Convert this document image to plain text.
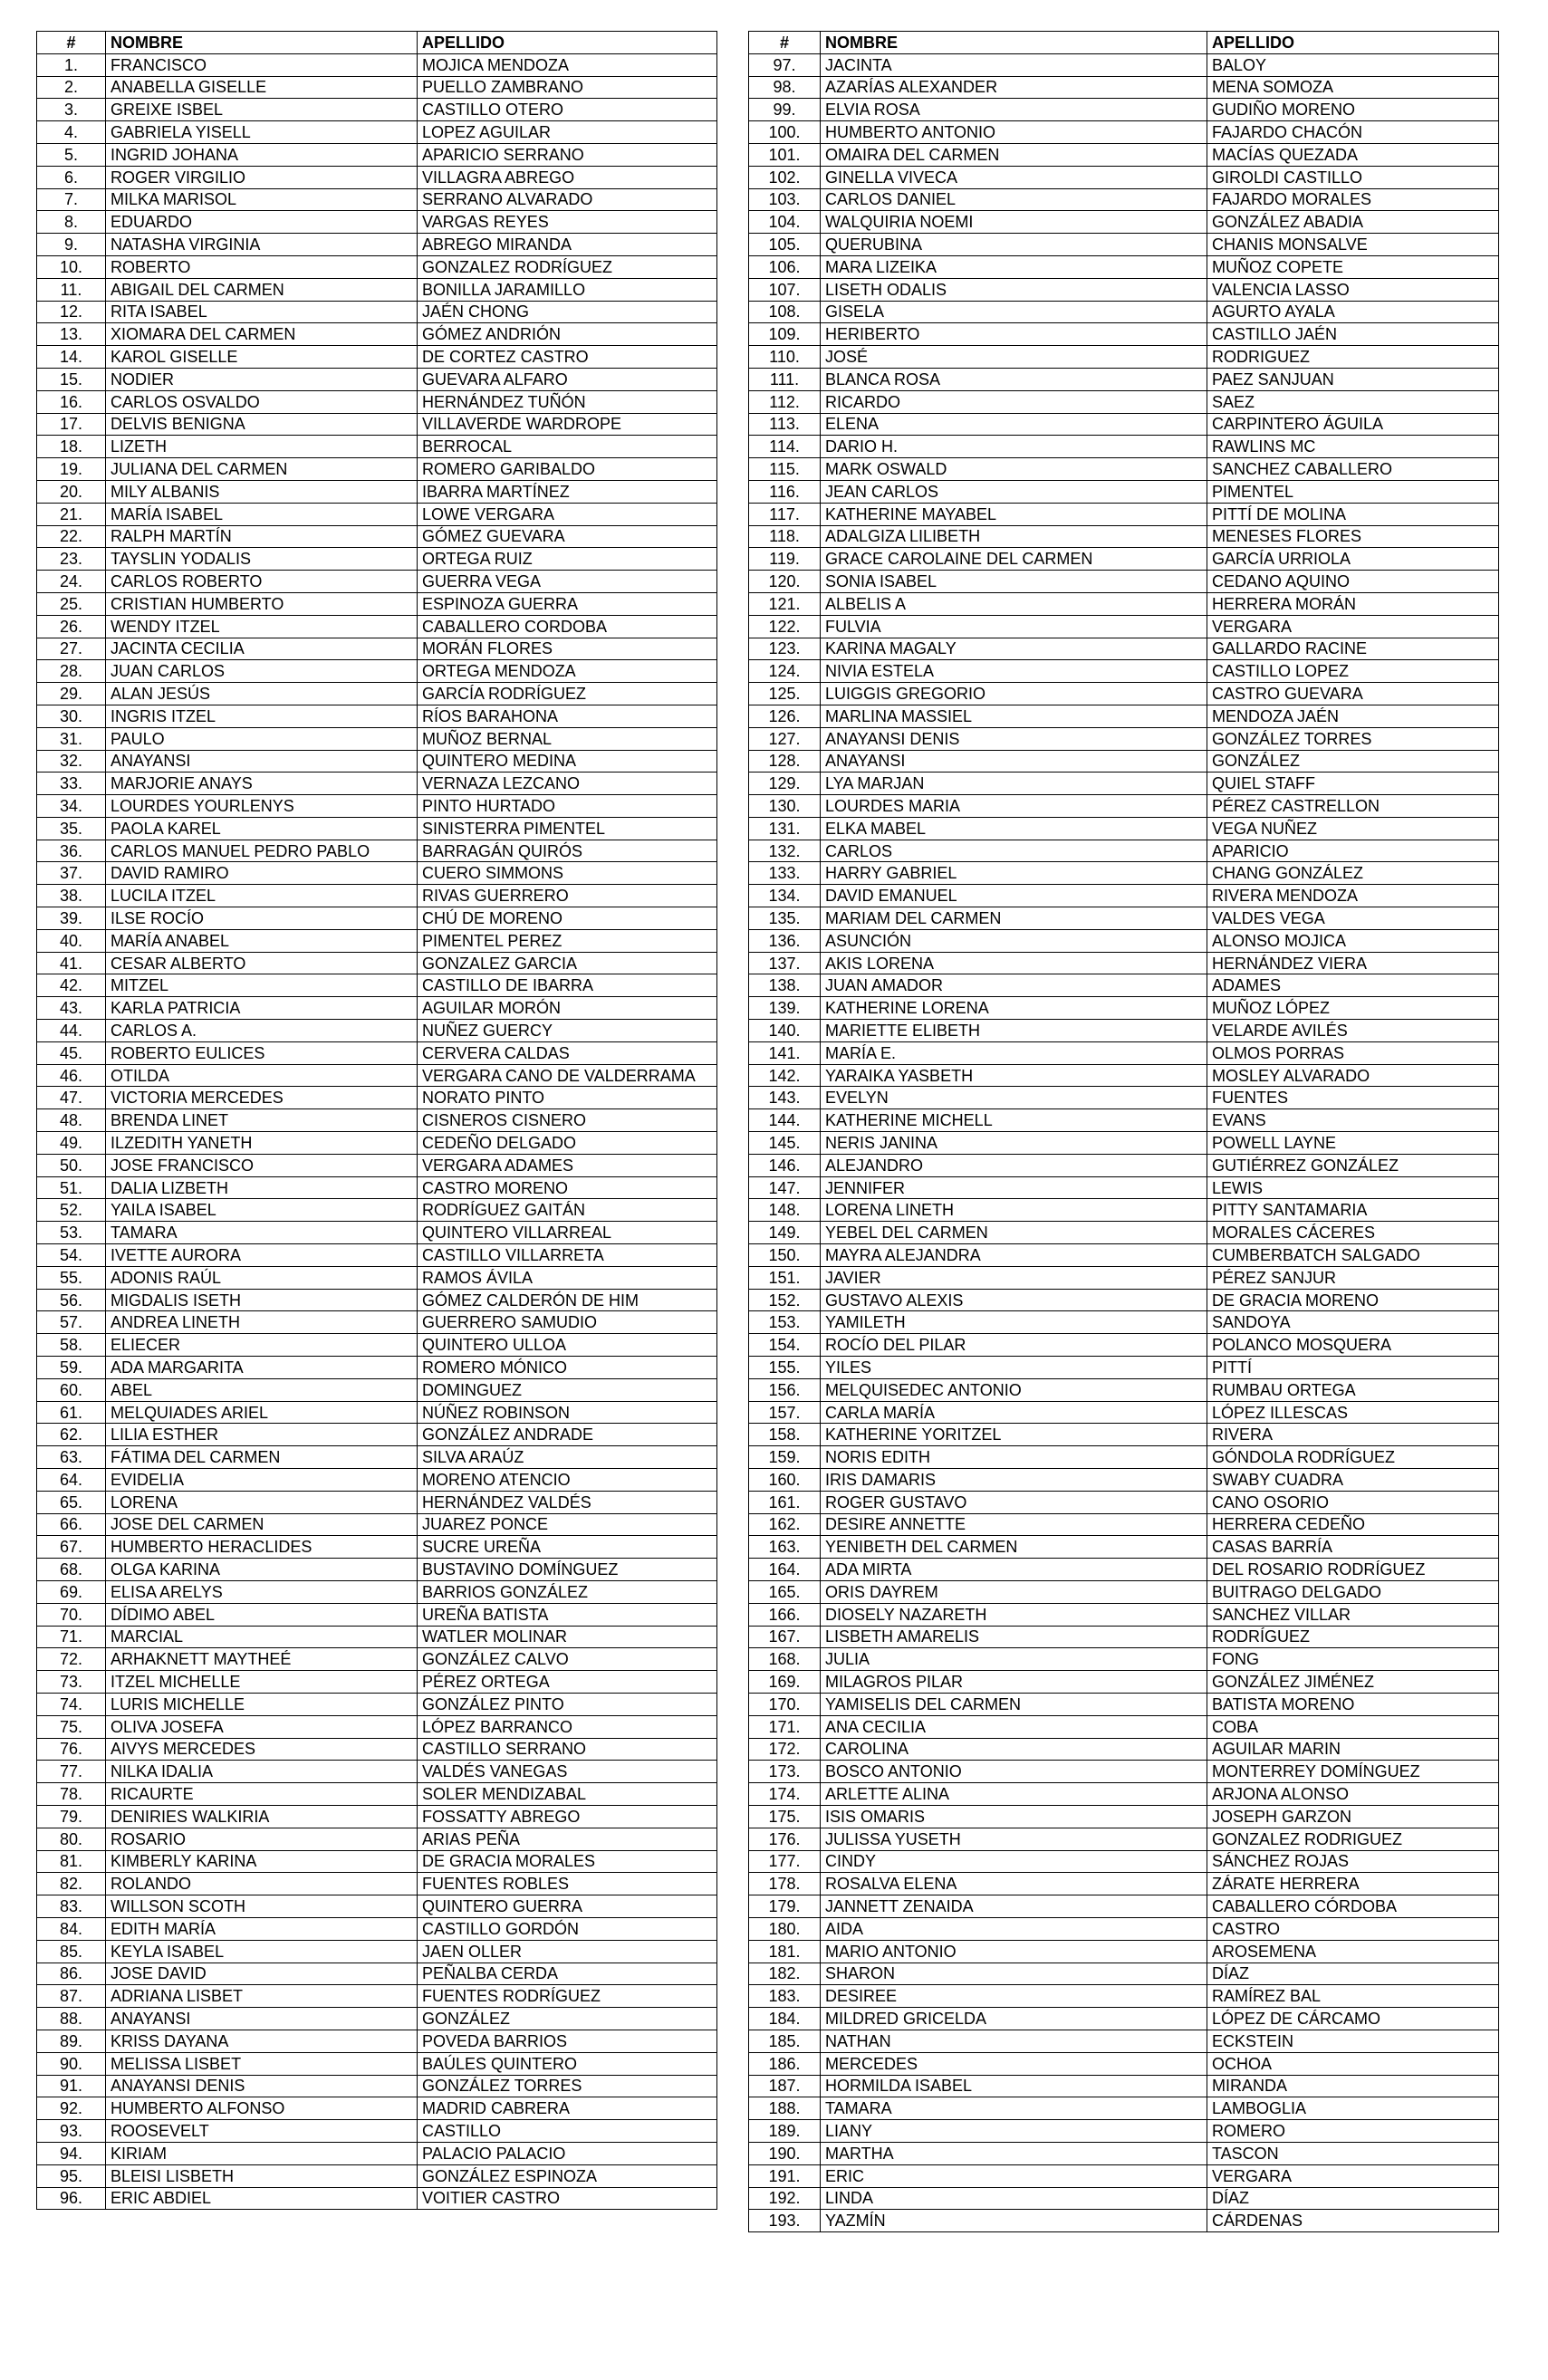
#	NOMBRE	APELLIDO
1.	FRANCISCO	MOJICA MENDOZA
2.	ANABELLA GISELLE	PUELLO ZAMBRANO
3.	GREIXE ISBEL	CASTILLO OTERO
4.	GABRIELA YISELL	LOPEZ AGUILAR
5.	INGRID JOHANA	APARICIO SERRANO
6.	ROGER VIRGILIO	VILLAGRA ABREGO
7.	MILKA MARISOL	SERRANO ALVARADO
8.	EDUARDO	VARGAS REYES
9.	NATASHA VIRGINIA	ABREGO MIRANDA
10.	ROBERTO	GONZALEZ RODRÍGUEZ
11.	ABIGAIL DEL CARMEN	BONILLA JARAMILLO
12.	RITA ISABEL	JAÉN CHONG
13.	XIOMARA DEL CARMEN	GÓMEZ ANDRIÓN
14.	KAROL GISELLE	DE CORTEZ CASTRO
15.	NODIER	GUEVARA ALFARO
16.	CARLOS OSVALDO	HERNÁNDEZ TUÑÓN
17.	DELVIS BENIGNA	VILLAVERDE WARDROPE
18.	LIZETH	BERROCAL
19.	JULIANA DEL CARMEN	ROMERO GARIBALDO
20.	MILY ALBANIS	IBARRA MARTÍNEZ
21.	MARÍA ISABEL	LOWE VERGARA
22.	RALPH MARTÍN	GÓMEZ GUEVARA
23.	TAYSLIN YODALIS	ORTEGA RUIZ
24.	CARLOS ROBERTO	GUERRA VEGA
25.	CRISTIAN HUMBERTO	ESPINOZA GUERRA
26.	WENDY ITZEL	CABALLERO CORDOBA
27.	JACINTA CECILIA	MORÁN FLORES
28.	JUAN CARLOS	ORTEGA MENDOZA
29.	ALAN JESÚS	GARCÍA RODRÍGUEZ
30.	INGRIS ITZEL	RÍOS BARAHONA
31.	PAULO	MUÑOZ BERNAL
32.	ANAYANSI	QUINTERO MEDINA
33.	MARJORIE ANAYS	VERNAZA LEZCANO
34.	LOURDES YOURLENYS	PINTO HURTADO
35.	PAOLA KAREL	SINISTERRA PIMENTEL
36.	CARLOS MANUEL PEDRO PABLO	BARRAGÁN QUIRÓS
37.	DAVID RAMIRO	CUERO SIMMONS
38.	LUCILA ITZEL	RIVAS GUERRERO
39.	ILSE ROCÍO	CHÚ DE MORENO
40.	MARÍA ANABEL	PIMENTEL PEREZ
41.	CESAR ALBERTO	GONZALEZ GARCIA
42.	MITZEL	CASTILLO DE IBARRA
43.	KARLA PATRICIA	AGUILAR MORÓN
44.	CARLOS A.	NUÑEZ GUERCY
45.	ROBERTO EULICES	CERVERA CALDAS
46.	OTILDA	VERGARA CANO DE VALDERRAMA
47.	VICTORIA MERCEDES	NORATO PINTO
48.	BRENDA LINET	CISNEROS CISNERO
49.	ILZEDITH YANETH	CEDEÑO DELGADO
50.	JOSE FRANCISCO	VERGARA ADAMES
51.	DALIA LIZBETH	CASTRO MORENO
52.	YAILA ISABEL	RODRÍGUEZ GAITÁN
53.	TAMARA	QUINTERO VILLARREAL
54.	IVETTE AURORA	CASTILLO VILLARRETA
55.	ADONIS RAÚL	RAMOS ÁVILA
56.	MIGDALIS ISETH	GÓMEZ CALDERÓN DE HIM
57.	ANDREA LINETH	GUERRERO SAMUDIO
58.	ELIECER	QUINTERO ULLOA
59.	ADA MARGARITA	ROMERO MÓNICO
60.	ABEL	DOMINGUEZ
61.	MELQUIADES ARIEL	NÚÑEZ ROBINSON
62.	LILIA ESTHER	GONZÁLEZ ANDRADE
63.	FÁTIMA DEL CARMEN	SILVA ARAÚZ
64.	EVIDELIA	MORENO ATENCIO
65.	LORENA	HERNÁNDEZ VALDÉS
66.	JOSE DEL CARMEN	JUAREZ PONCE
67.	HUMBERTO HERACLIDES	SUCRE UREÑA
68.	OLGA KARINA	BUSTAVINO DOMÍNGUEZ
69.	ELISA ARELYS	BARRIOS GONZÁLEZ
70.	DÍDIMO ABEL	UREÑA BATISTA
71.	MARCIAL	WATLER MOLINAR
72.	ARHAKNETT MAYTHEÉ	GONZÁLEZ CALVO
73.	ITZEL MICHELLE	PÉREZ ORTEGA
74.	LURIS MICHELLE	GONZÁLEZ PINTO
75.	OLIVA JOSEFA	LÓPEZ BARRANCO
76.	AIVYS MERCEDES	CASTILLO SERRANO
77.	NILKA IDALIA	VALDÉS VANEGAS
78.	RICAURTE	SOLER MENDIZABAL
79.	DENIRIES WALKIRIA	FOSSATTY ABREGO
80.	ROSARIO	ARIAS PEÑA
81.	KIMBERLY KARINA	DE GRACIA MORALES
82.	ROLANDO	FUENTES ROBLES
83.	WILLSON SCOTH	QUINTERO GUERRA
84.	EDITH MARÍA	CASTILLO GORDÓN
85.	KEYLA ISABEL	JAEN OLLER
86.	JOSE DAVID	PEÑALBA CERDA
87.	ADRIANA LISBET	FUENTES RODRÍGUEZ
88.	ANAYANSI	GONZÁLEZ
89.	KRISS DAYANA	POVEDA BARRIOS
90.	MELISSA LISBET	BAÚLES QUINTERO
91.	ANAYANSI DENIS	GONZÁLEZ TORRES
92.	HUMBERTO ALFONSO	MADRID CABRERA
93.	ROOSEVELT	CASTILLO
94.	KIRIAM	PALACIO PALACIO
95.	BLEISI LISBETH	GONZÁLEZ ESPINOZA
96.	ERIC ABDIEL	VOITIER CASTRO
#	NOMBRE	APELLIDO
97.	JACINTA	BALOY
98.	AZARÍAS ALEXANDER	MENA SOMOZA
99.	ELVIA ROSA	GUDIÑO MORENO
100.	HUMBERTO ANTONIO	FAJARDO CHACÓN
101.	OMAIRA DEL CARMEN	MACÍAS QUEZADA
102.	GINELLA VIVECA	GIROLDI CASTILLO
103.	CARLOS DANIEL	FAJARDO MORALES
104.	WALQUIRIA NOEMI	GONZÁLEZ ABADIA
105.	QUERUBINA	CHANIS MONSALVE
106.	MARA LIZEIKA	MUÑOZ COPETE
107.	LISETH ODALIS	VALENCIA LASSO
108.	GISELA	AGURTO AYALA
109.	HERIBERTO	CASTILLO JAÉN
110.	JOSÉ	RODRIGUEZ
111.	BLANCA ROSA	PAEZ SANJUAN
112.	RICARDO	SAEZ
113.	ELENA	CARPINTERO ÁGUILA
114.	DARIO H.	RAWLINS MC
115.	MARK OSWALD	SANCHEZ CABALLERO
116.	JEAN CARLOS	PIMENTEL
117.	KATHERINE MAYABEL	PITTÍ DE MOLINA
118.	ADALGIZA LILIBETH	MENESES FLORES
119.	GRACE CAROLAINE DEL CARMEN	GARCÍA URRIOLA
120.	SONIA ISABEL	CEDANO AQUINO
121.	ALBELIS A	HERRERA MORÁN
122.	FULVIA	VERGARA
123.	KARINA MAGALY	GALLARDO RACINE
124.	NIVIA ESTELA	CASTILLO LOPEZ
125.	LUIGGIS GREGORIO	CASTRO GUEVARA
126.	MARLINA MASSIEL	MENDOZA JAÉN
127.	ANAYANSI DENIS	GONZÁLEZ TORRES
128.	ANAYANSI	GONZÁLEZ
129.	LYA MARJAN	QUIEL STAFF
130.	LOURDES MARIA	PÉREZ CASTRELLON
131.	ELKA MABEL	VEGA NUÑEZ
132.	CARLOS	APARICIO
133.	HARRY GABRIEL	CHANG GONZÁLEZ
134.	DAVID EMANUEL	RIVERA MENDOZA
135.	MARIAM DEL CARMEN	VALDES VEGA
136.	ASUNCIÓN	ALONSO MOJICA
137.	AKIS LORENA	HERNÁNDEZ VIERA
138.	JUAN AMADOR	ADAMES
139.	KATHERINE LORENA	MUÑOZ LÓPEZ
140.	MARIETTE ELIBETH	VELARDE AVILÉS
141.	MARÍA E.	OLMOS PORRAS
142.	YARAIKA YASBETH	MOSLEY ALVARADO
143.	EVELYN	FUENTES
144.	KATHERINE MICHELL	EVANS
145.	NERIS JANINA	POWELL LAYNE
146.	ALEJANDRO	GUTIÉRREZ GONZÁLEZ
147.	JENNIFER	LEWIS
148.	LORENA LINETH	PITTY SANTAMARIA
149.	YEBEL DEL CARMEN	MORALES CÁCERES
150.	MAYRA ALEJANDRA	CUMBERBATCH SALGADO
151.	JAVIER	PÉREZ SANJUR
152.	GUSTAVO ALEXIS	DE GRACIA MORENO
153.	YAMILETH	SANDOYA
154.	ROCÍO DEL PILAR	POLANCO MOSQUERA
155.	YILES	PITTÍ
156.	MELQUISEDEC ANTONIO	RUMBAU ORTEGA
157.	CARLA MARÍA	LÓPEZ ILLESCAS
158.	KATHERINE YORITZEL	RIVERA
159.	NORIS EDITH	GÓNDOLA RODRÍGUEZ
160.	IRIS DAMARIS	SWABY CUADRA
161.	ROGER GUSTAVO	CANO OSORIO
162.	DESIRE ANNETTE	HERRERA CEDEÑO
163.	YENIBETH DEL CARMEN	CASAS BARRÍA
164.	ADA MIRTA	DEL ROSARIO RODRÍGUEZ
165.	ORIS DAYREM	BUITRAGO DELGADO
166.	DIOSELY NAZARETH	SANCHEZ VILLAR
167.	LISBETH AMARELIS	RODRÍGUEZ
168.	JULIA	FONG
169.	MILAGROS PILAR	GONZÁLEZ JIMÉNEZ
170.	YAMISELIS DEL CARMEN	BATISTA MORENO
171.	ANA CECILIA	COBA
172.	CAROLINA	AGUILAR MARIN
173.	BOSCO ANTONIO	MONTERREY DOMÍNGUEZ
174.	ARLETTE ALINA	ARJONA ALONSO
175.	ISIS OMARIS	JOSEPH GARZON
176.	JULISSA YUSETH	GONZALEZ RODRIGUEZ
177.	CINDY	SÁNCHEZ ROJAS
178.	ROSALVA ELENA	ZÁRATE HERRERA
179.	JANNETT ZENAIDA	CABALLERO CÓRDOBA
180.	AIDA	CASTRO
181.	MARIO ANTONIO	AROSEMENA
182.	SHARON	DÍAZ
183.	DESIREE	RAMÍREZ BAL
184.	MILDRED GRICELDA	LÓPEZ DE CÁRCAMO
185.	NATHAN	ECKSTEIN
186.	MERCEDES	OCHOA
187.	HORMILDA ISABEL	MIRANDA
188.	TAMARA	LAMBOGLIA
189.	LIANY	ROMERO
190.	MARTHA	TASCON
191.	ERIC	VERGARA
192.	LINDA	DÍAZ
193.	YAZMÍN	CÁRDENAS
